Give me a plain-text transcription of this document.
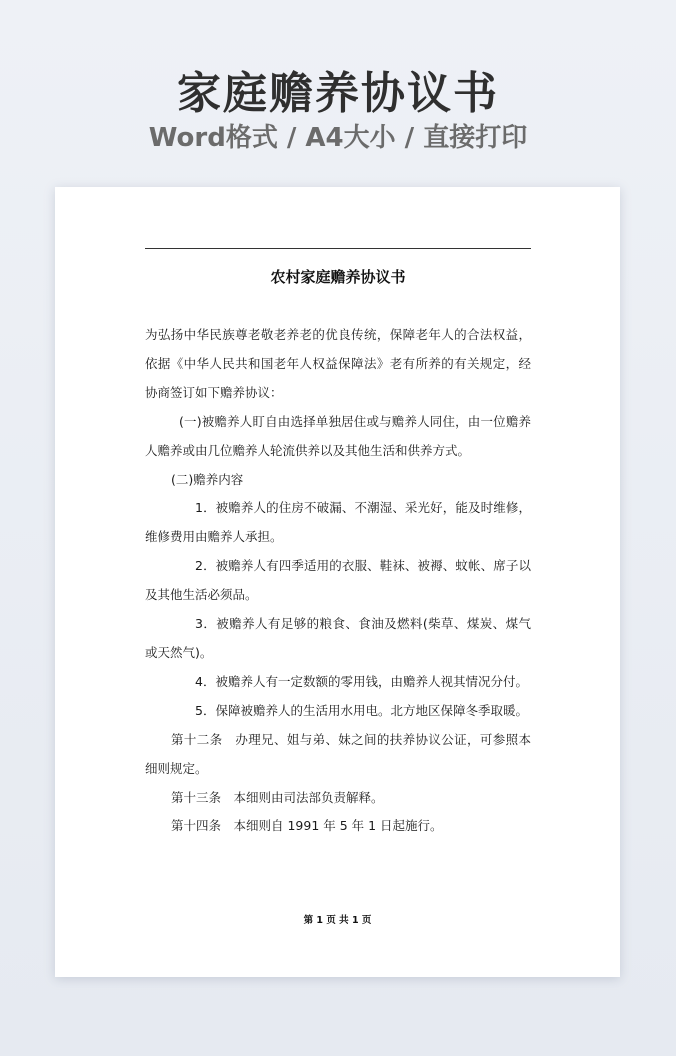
家庭赡养协议书
Word格式 / A4大小 / 直接打印
农村家庭赡养协议书

为弘扬中华民族尊老敬老养老的优良传统，保障老年人的合法权益，依据《中华人民共和国老年人权益保障法》老有所养的有关规定，经协商签订如下赡养协议：

(一)被赡养人盯自由选择单独居住或与赡养人同住，由一位赡养人赡养或由几位赡养人轮流供养以及其他生活和供养方式。

(二)赡养内容

1．被赡养人的住房不破漏、不潮湿、采光好，能及时维修，维修费用由赡养人承担。

2．被赡养人有四季适用的衣服、鞋袜、被褥、蚊帐、席子以及其他生活必须品。

3．被赡养人有足够的粮食、食油及燃料(柴草、煤炭、煤气或天然气)。

4．被赡养人有一定数额的零用钱，由赡养人视其情况分付。

5．保障被赡养人的生活用水用电。北方地区保障冬季取暖。

第十二条　办理兄、姐与弟、妹之间的扶养协议公证，可参照本细则规定。

第十三条　本细则由司法部负责解释。

第十四条　本细则自 1991 年 5 年 1 日起施行。

第 1 页 共 1 页
